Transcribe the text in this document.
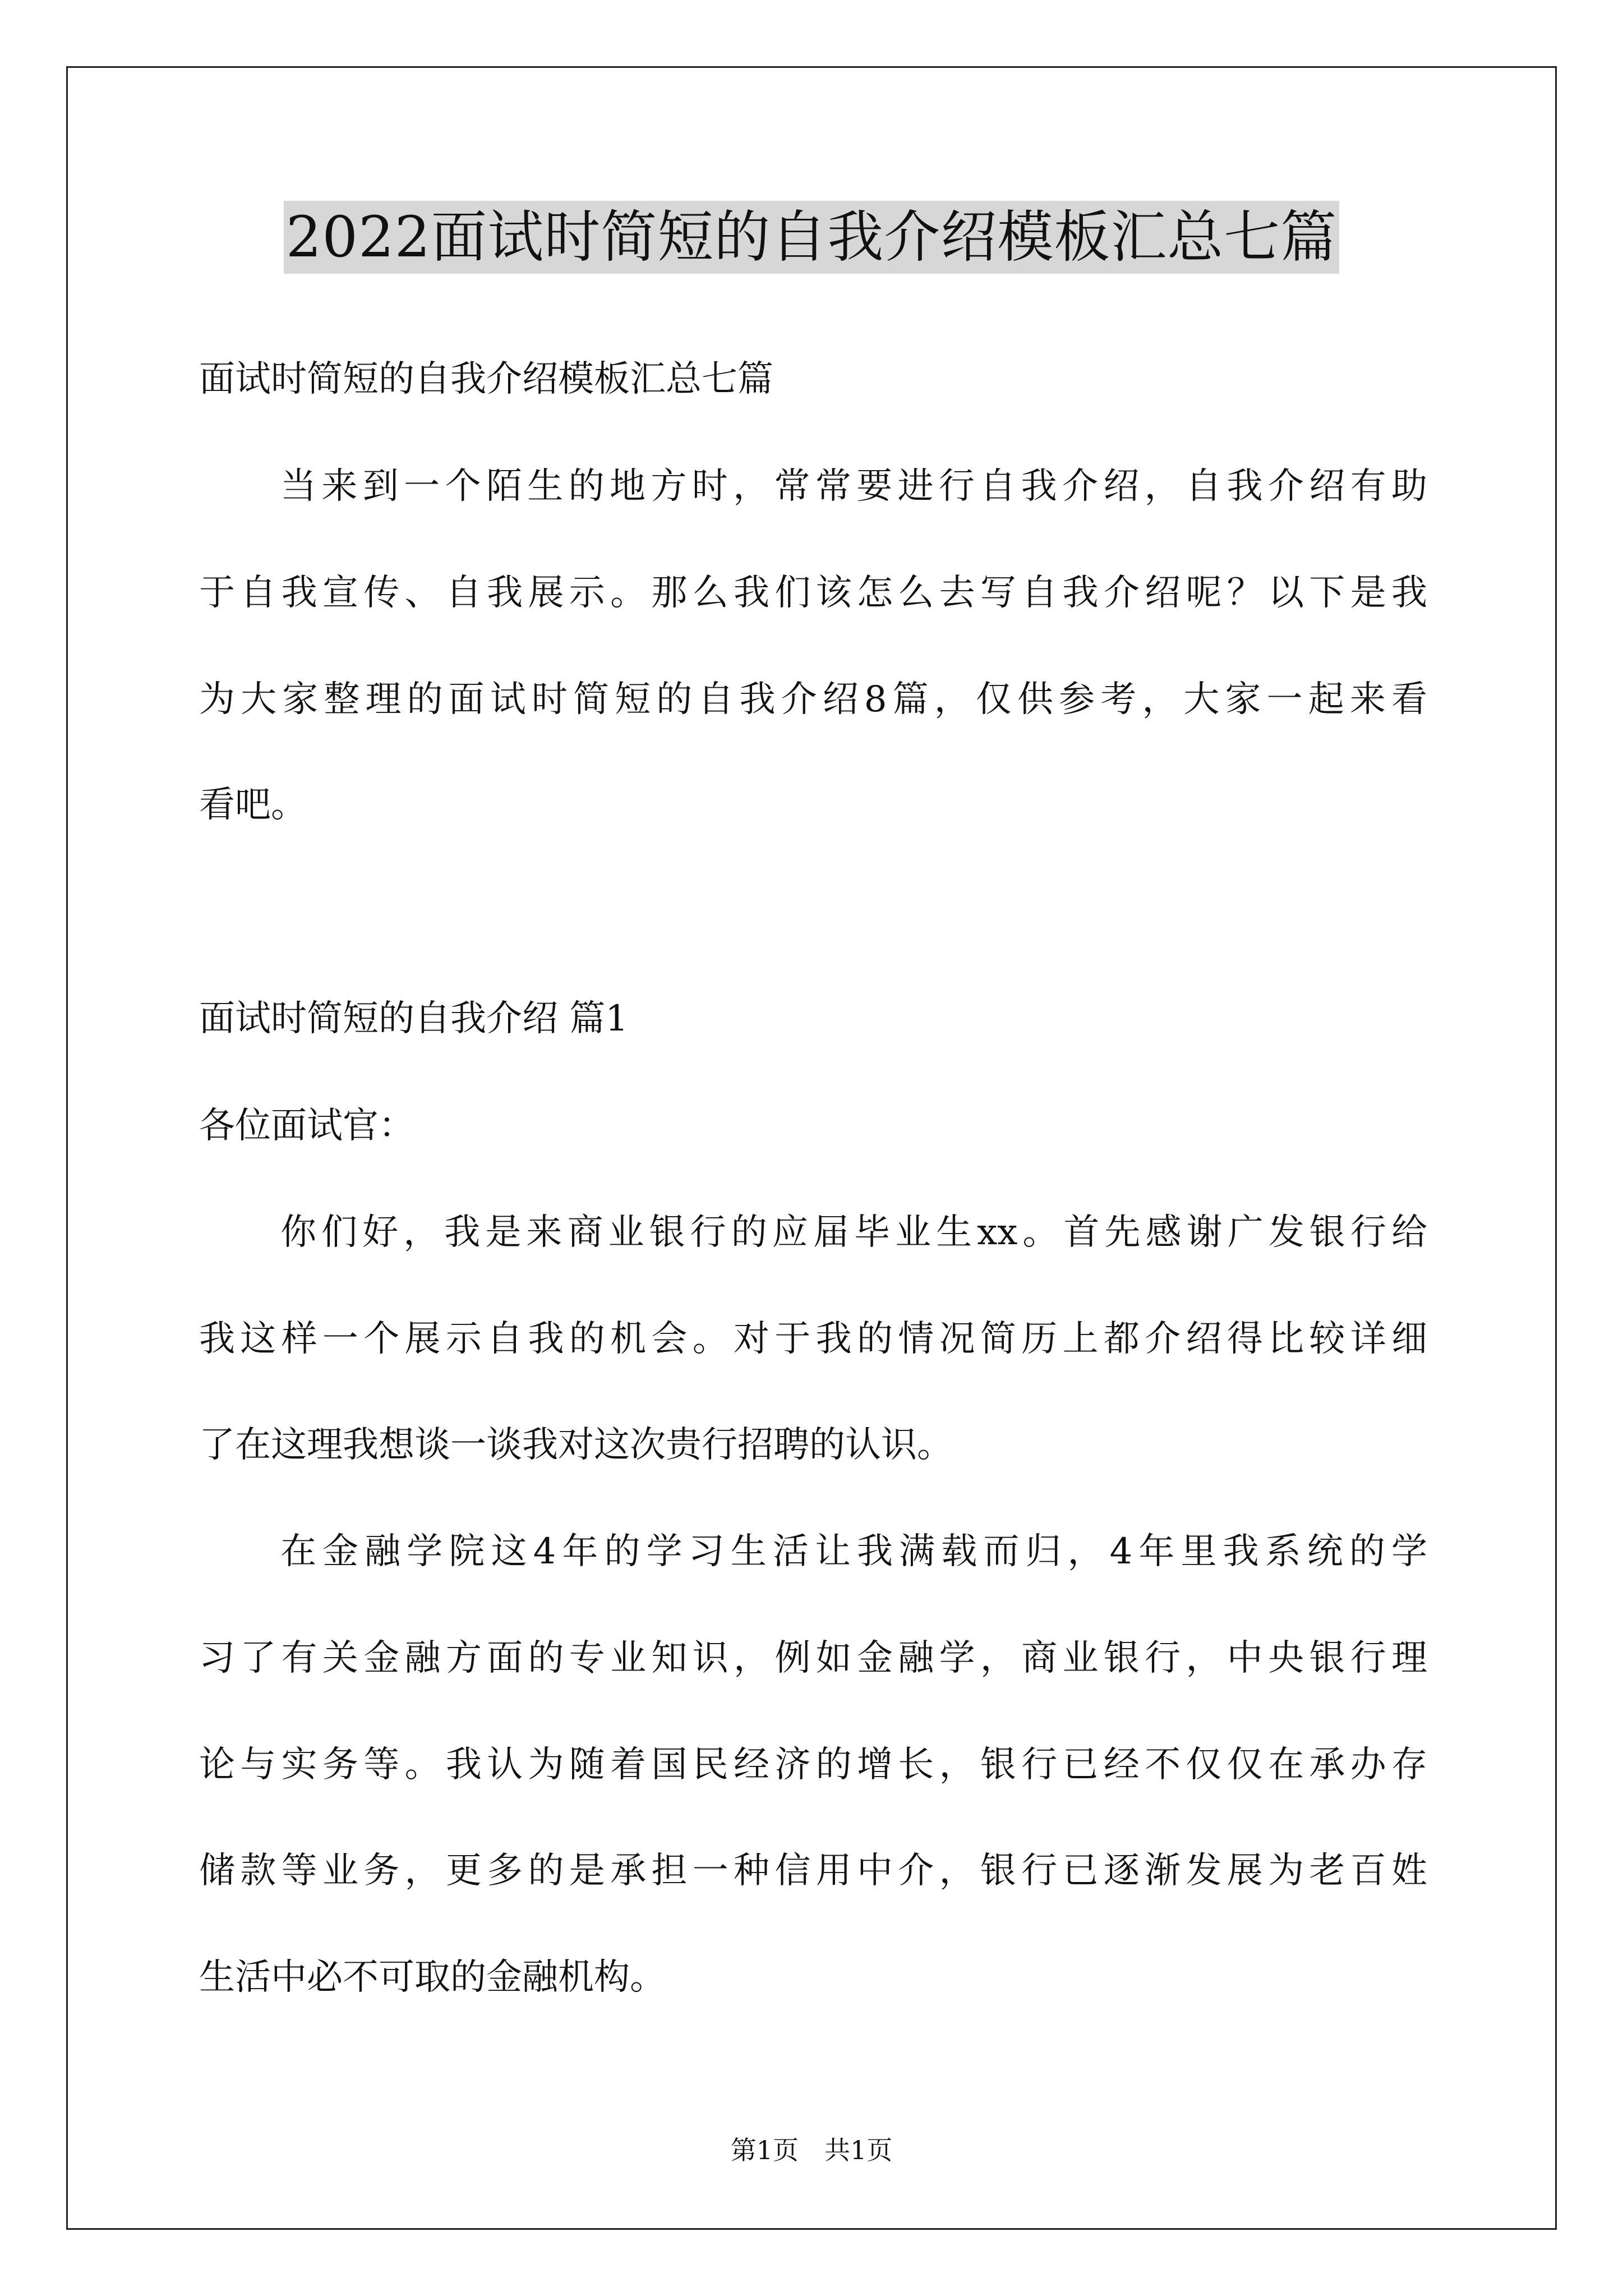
2022面试时简短的自我介绍模板汇总七篇
面试时简短的自我介绍模板汇总七篇
当来到一个陌生的地方时，常常要进行自我介绍，自我介绍有助
于自我宣传、自我展示。那么我们该怎么去写自我介绍呢？以下是我
为大家整理的面试时简短的自我介绍8篇，仅供参考，大家一起来看
看吧。
面试时简短的自我介绍 篇1
各位面试官：
你们好，我是来商业银行的应届毕业生xx。首先感谢广发银行给
我这样一个展示自我的机会。对于我的情况简历上都介绍得比较详细
了在这理我想谈一谈我对这次贵行招聘的认识。
在金融学院这4年的学习生活让我满载而归，4年里我系统的学
习了有关金融方面的专业知识，例如金融学，商业银行，中央银行理
论与实务等。我认为随着国民经济的增长，银行已经不仅仅在承办存
储款等业务，更多的是承担一种信用中介，银行已逐渐发展为老百姓
生活中必不可取的金融机构。
第1页　共1页
